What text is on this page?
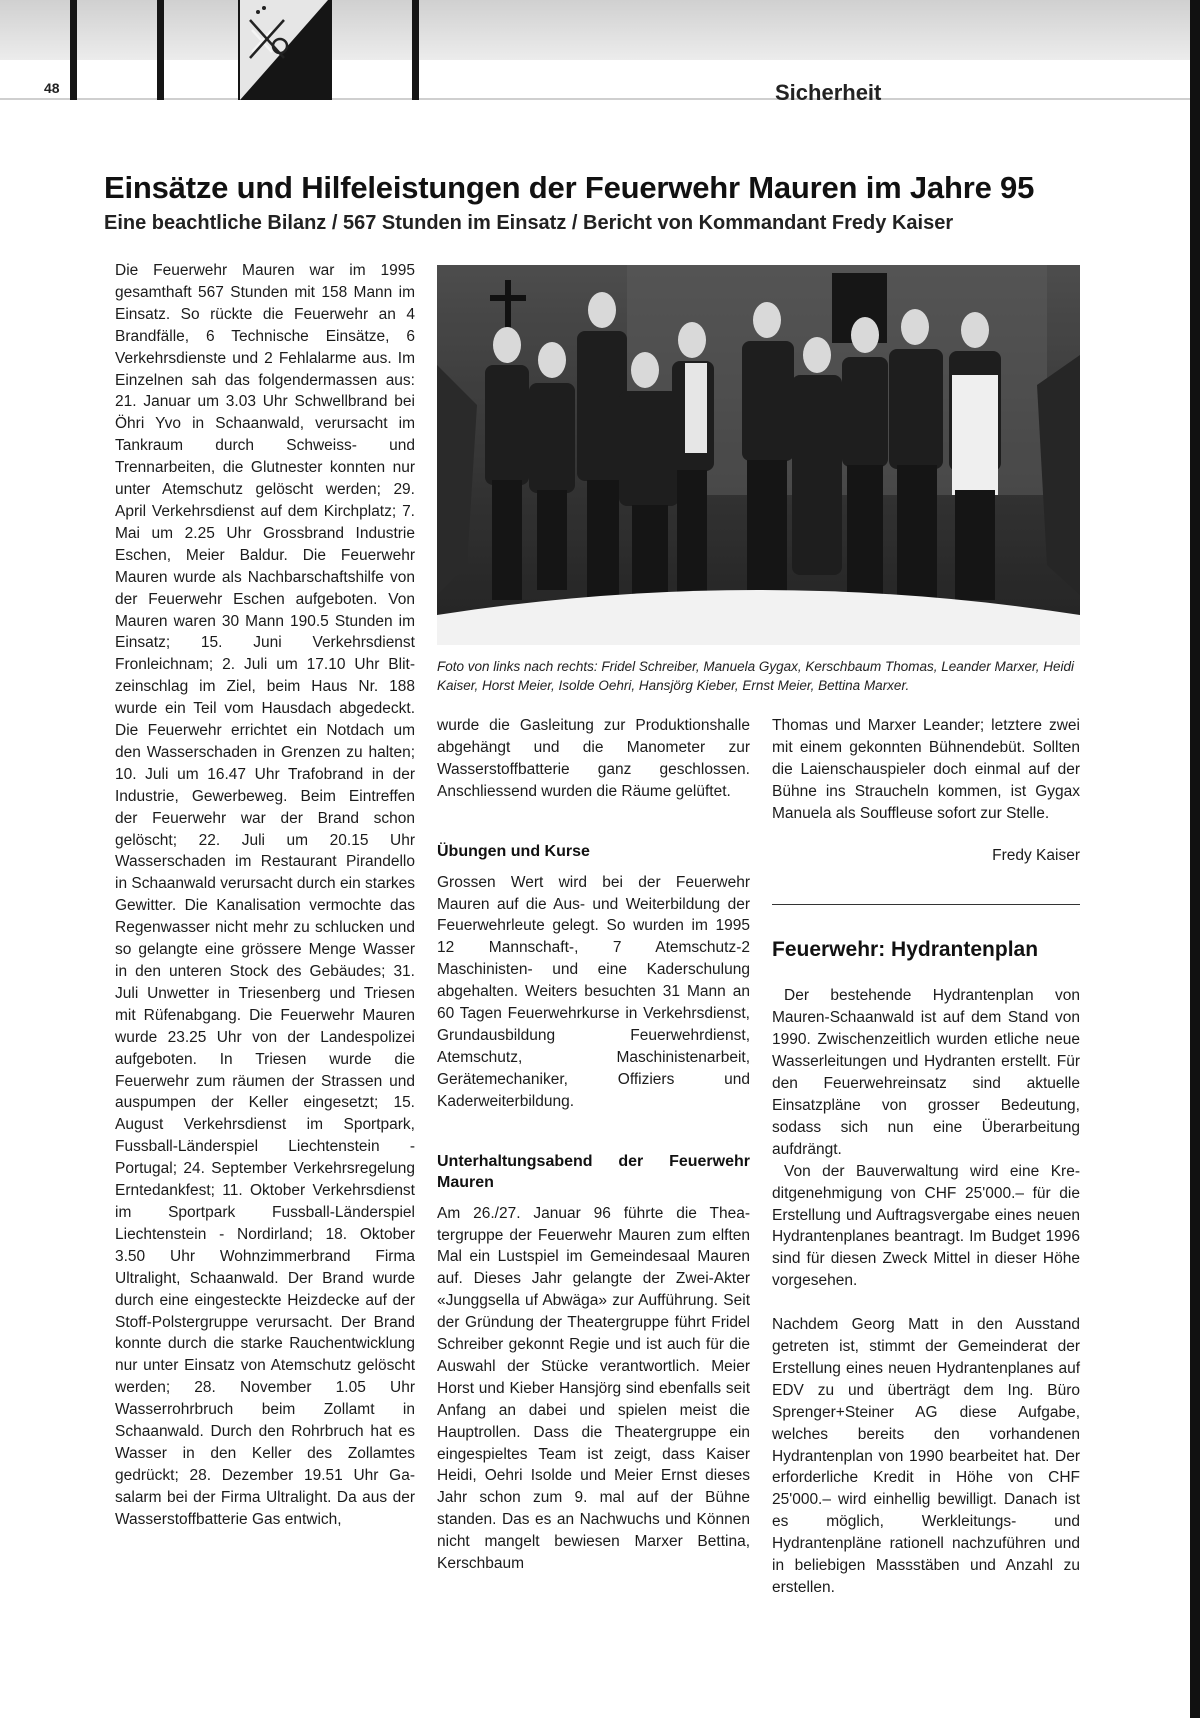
48	Sicherheit
Einsätze und Hilfeleistungen der Feuerwehr Mauren im Jahre 95
Eine beachtliche Bilanz / 567 Stunden im Einsatz / Bericht von Kommandant Fredy Kaiser

Die Feuerwehr Mauren war im 1995 gesamthaft 567 Stunden mit 158 Mann im Einsatz. So rückte die Feuerwehr an 4 Brandfälle, 6 Technische Einsätze, 6 Verkehrsdienste und 2 Fehlalarme aus. Im Einzelnen sah das folgendermassen aus: 21. Januar um 3.03 Uhr Schwellbrand bei Öhri Yvo in Schaanwald, verursacht im Tankraum durch Schweiss- und Trennarbeiten, die Glutnester konnten nur unter Atemschutz gelöscht werden; 29. April Verkehrsdienst auf dem Kirchplatz; 7. Mai um 2.25 Uhr Grossbrand Industrie Eschen, Meier Baldur. Die Feuerwehr Mauren wurde als Nachbarschaftshilfe von der Feuerwehr Eschen aufgeboten. Von Mauren waren 30 Mann 190.5 Stunden im Einsatz; 15. Juni Verkehrsdienst Fronleichnam; 2. Juli um 17.10 Uhr Blitzeinschlag im Ziel, beim Haus Nr. 188 wurde ein Teil vom Hausdach abgedeckt. Die Feuerwehr errichtet ein Notdach um den Wasserschaden in Grenzen zu halten; 10. Juli um 16.47 Uhr Trafobrand in der Industrie, Gewerbeweg. Beim Eintreffen der Feuerwehr war der Brand schon gelöscht; 22. Juli um 20.15 Uhr Wasserschaden im Restaurant Pirandello in Schaanwald verursacht durch ein starkes Gewitter. Die Kanalisation vermochte das Regenwasser nicht mehr zu schlucken und so gelangte eine grössere Menge Wasser in den unteren Stock des Gebäudes; 31. Juli Unwetter in Triesenberg und Triesen mit Rüfenabgang. Die Feuerwehr Mauren wurde 23.25 Uhr von der Landespolizei aufgeboten. In Triesen wurde die Feuerwehr zum räumen der Strassen und auspumpen der Keller eingesetzt; 15. August Verkehrsdienst im Sportpark, Fussball-Länderspiel Liechtenstein - Portugal; 24. September Verkehrsregelung Erntedankfest; 11. Oktober Verkehrsdienst im Sportpark Fussball-Länderspiel Liechtenstein - Nordirland; 18. Oktober 3.50 Uhr Wohnzimmerbrand Firma Ultralight, Schaanwald. Der Brand wurde durch eine eingesteckte Heizdecke auf der Stoff-Polstergruppe verursacht. Der Brand konnte durch die starke Rauchentwicklung nur unter Einsatz von Atemschutz gelöscht werden; 28. November 1.05 Uhr Wasserrohrbruch beim Zollamt in Schaanwald. Durch den Rohrbruch hat es Wasser in den Keller des Zollamtes gedrückt; 28. Dezember 19.51 Uhr Gasalarm bei der Firma Ultralight. Da aus der Wasserstoffbatterie Gas entwich,

Foto von links nach rechts: Fridel Schreiber, Manuela Gygax, Kerschbaum Thomas, Leander Marxer, Heidi Kaiser, Horst Meier, Isolde Oehri, Hansjörg Kieber, Ernst Meier, Bettina Marxer.

wurde die Gasleitung zur Produktionshalle abgehängt und die Manometer zur Wasserstoffbatterie ganz geschlossen. Anschliessend wurden die Räume gelüftet.

Übungen und Kurse

Grossen Wert wird bei der Feuerwehr Mauren auf die Aus- und Weiterbildung der Feuerwehrleute gelegt. So wurden im 1995 12 Mannschaft-, 7 Atemschutz-2 Maschinisten- und eine Kaderschulung abgehalten. Weiters besuchten 31 Mann an 60 Tagen Feuerwehrkurse in Verkehrsdienst, Grundausbildung Feuerwehrdienst, Atemschutz, Maschinistenarbeit, Gerätemechaniker, Offiziers und Kaderweiterbildung.

Unterhaltungsabend der Feuerwehr Mauren

Am 26./27. Januar 96 führte die Theatergruppe der Feuerwehr Mauren zum elften Mal ein Lustspiel im Gemeindesaal Mauren auf. Dieses Jahr gelangte der Zwei-Akter «Junggsella uf Abwäga» zur Aufführung. Seit der Gründung der Theatergruppe führt Fridel Schreiber gekonnt Regie und ist auch für die Auswahl der Stücke verantwortlich. Meier Horst und Kieber Hansjörg sind ebenfalls seit Anfang an dabei und spielen meist die Hauptrollen. Dass die Theatergruppe ein eingespieltes Team ist zeigt, dass Kaiser Heidi, Oehri Isolde und Meier Ernst dieses Jahr schon zum 9. mal auf der Bühne standen. Das es an Nachwuchs und Können nicht mangelt bewiesen Marxer Bettina, Kerschbaum

Thomas und Marxer Leander; letztere zwei mit einem gekonnten Bühnendebüt. Sollten die Laienschauspieler doch einmal auf der Bühne ins Straucheln kommen, ist Gygax Manuela als Souffleuse sofort zur Stelle.

Fredy Kaiser

Feuerwehr: Hydrantenplan

Der bestehende Hydrantenplan von Mauren-Schaanwald ist auf dem Stand von 1990. Zwischenzeitlich wurden etliche neue Wasserleitungen und Hydranten erstellt. Für den Feuerwehreinsatz sind aktuelle Einsatzpläne von grosser Bedeutung, sodass sich nun eine Überarbeitung aufdrängt.

Von der Bauverwaltung wird eine Kreditgenehmigung von CHF 25'000.– für die Erstellung und Auftragsvergabe eines neuen Hydrantenplanes beantragt. Im Budget 1996 sind für diesen Zweck Mittel in dieser Höhe vorgesehen.

Nachdem Georg Matt in den Ausstand getreten ist, stimmt der Gemeinderat der Erstellung eines neuen Hydrantenplanes auf EDV zu und überträgt dem Ing. Büro Sprenger+Steiner AG diese Aufgabe, welches bereits den vorhandenen Hydrantenplan von 1990 bearbeitet hat. Der erforderliche Kredit in Höhe von CHF 25'000.– wird einhellig bewilligt. Danach ist es möglich, Werkleitungs- und Hydrantenpläne rationell nachzuführen und in beliebigen Massstäben und Anzahl zu erstellen.
